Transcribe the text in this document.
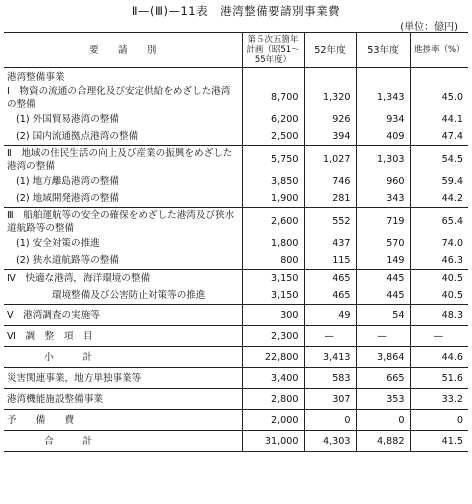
Ⅱ—(Ⅲ)—11表　港湾整備要請別事業費
(単位：億円)
要　　請　　別	第５次五箇年計画（昭51～55年度）	52年度	53年度	進捗率（%）
港湾整備事業				
Ⅰ　物資の流通の合理化及び安定供給をめざした港湾の整備	8,700	1,320	1,343	45.0
(1) 外国貿易港湾の整備	6,200	926	934	44.1
(2) 国内流通拠点港湾の整備	2,500	394	409	47.4
Ⅱ　地域の住民生活の向上及び産業の振興をめざした港湾の整備	5,750	1,027	1,303	54.5
(1) 地方離島港湾の整備	3,850	746	960	59.4
(2) 地域開発港湾の整備	1,900	281	343	44.2
Ⅲ　船舶運航等の安全の確保をめざした港湾及び狭水道航路等の整備	2,600	552	719	65.4
(1) 安全対策の推進	1,800	437	570	74.0
(2) 狭水道航路等の整備	800	115	149	46.3
Ⅳ　快適な港湾，海洋環境の整備	3,150	465	445	40.5
環境整備及び公害防止対策等の推進	3,150	465	445	40.5
Ⅴ　港湾調査の実施等	300	49	54	48.3
Ⅵ　調　整　項　目	2,300	—	—	—
小　　　計	22,800	3,413	3,864	44.6
災害関連事業，地方単独事業等	3,400	583	665	51.6
港湾機能施設整備事業	2,800	307	353	33.2
予　　備　　費	2,000	0	0	0
合　　　計	31,000	4,303	4,882	41.5
